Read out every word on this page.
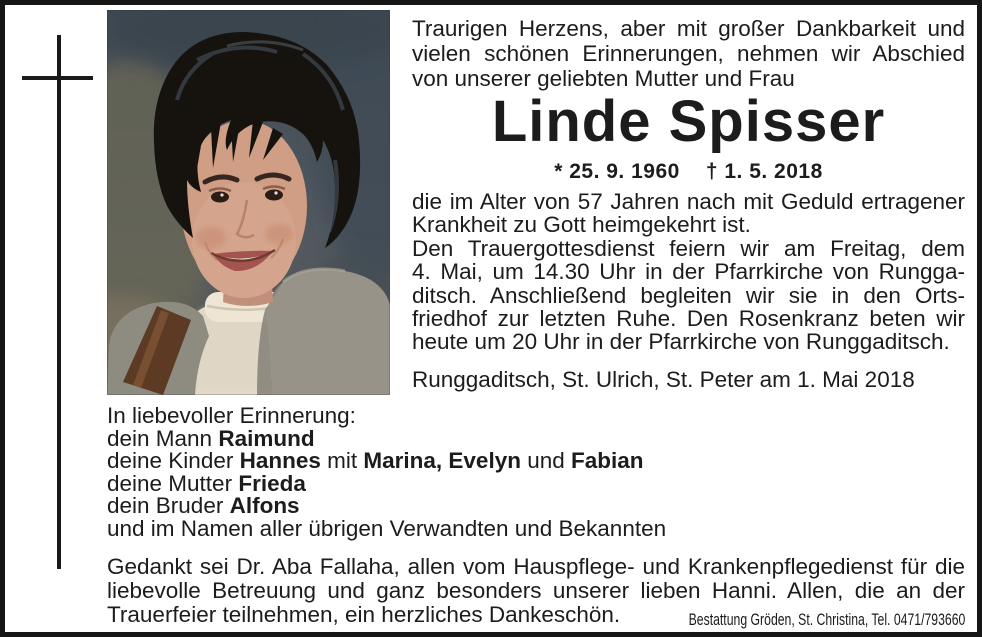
Traurigen Herzens, aber mit großer Dankbarkeit und
vielen schönen Erinnerungen, nehmen wir Abschied
von unserer geliebten Mutter und Frau
Linde Spisser
* 25. 9. 1960 † 1. 5. 2018
die im Alter von 57 Jahren nach mit Geduld ertragener
Krankheit zu Gott heimgekehrt ist.
Den Trauergottesdienst feiern wir am Freitag, dem
4. Mai, um 14.30 Uhr in der Pfarrkirche von Rungga-
ditsch. Anschließend begleiten wir sie in den Orts-
friedhof zur letzten Ruhe. Den Rosenkranz beten wir
heute um 20 Uhr in der Pfarrkirche von Runggaditsch.
Runggaditsch, St. Ulrich, St. Peter am 1. Mai 2018
In liebevoller Erinnerung:
dein Mann Raimund
deine Kinder Hannes mit Marina, Evelyn und Fabian
deine Mutter Frieda
dein Bruder Alfons
und im Namen aller übrigen Verwandten und Bekannten
Gedankt sei Dr. Aba Fallaha, allen vom Hauspflege- und Krankenpflegedienst für die
liebevolle Betreuung und ganz besonders unserer lieben Hanni. Allen, die an der
Trauerfeier teilnehmen, ein herzliches Dankeschön.	Bestattung Gröden, St. Christina, Tel. 0471/793660
